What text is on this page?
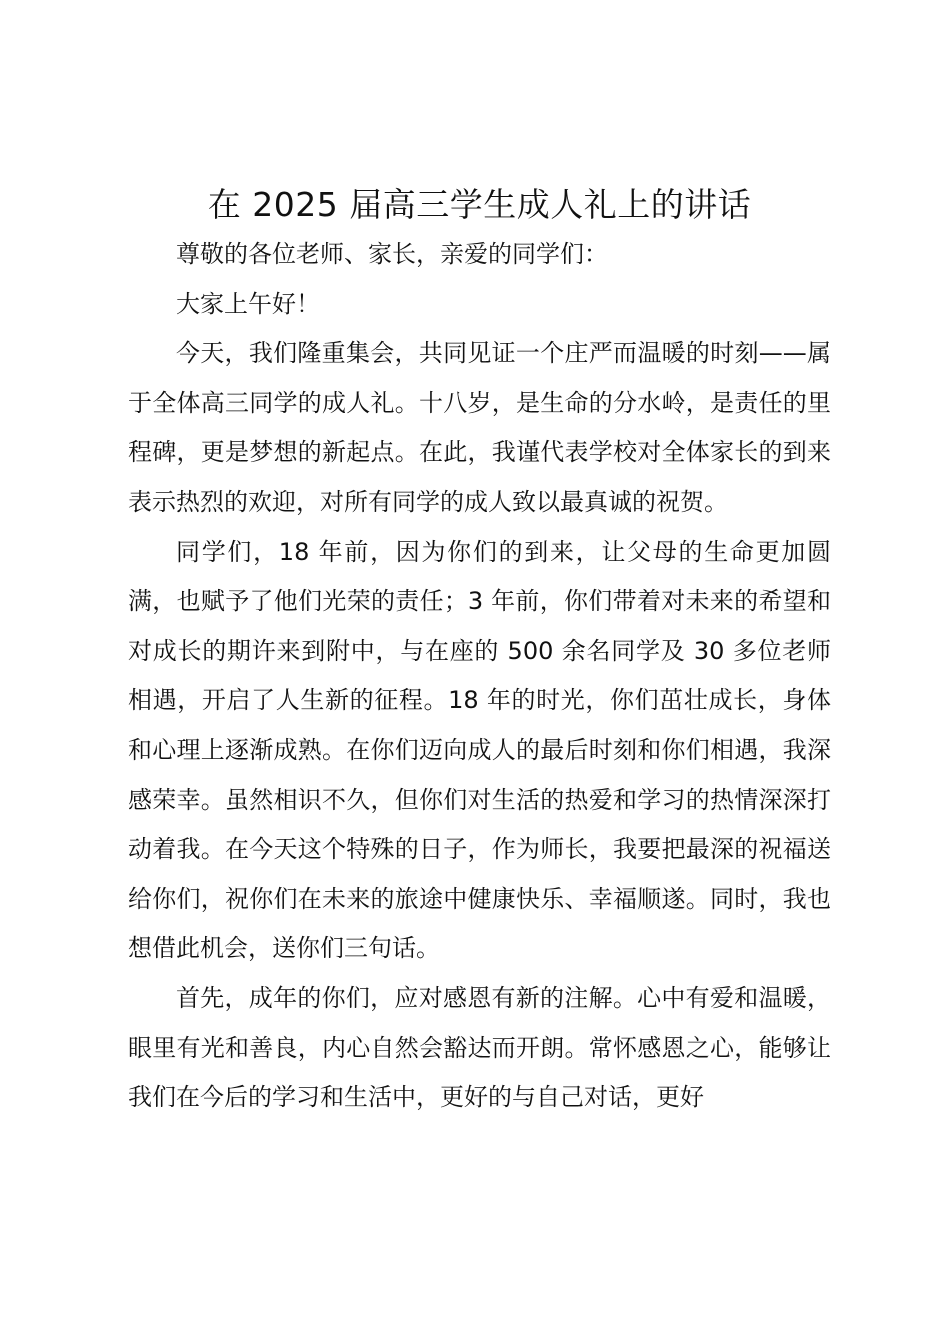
在 2025 届高三学生成人礼上的讲话

尊敬的各位老师、家长，亲爱的同学们：

大家上午好！

今天，我们隆重集会，共同见证一个庄严而温暖的时刻——属于全体高三同学的成人礼。十八岁，是生命的分水岭，是责任的里程碑，更是梦想的新起点。在此，我谨代表学校对全体家长的到来表示热烈的欢迎，对所有同学的成人致以最真诚的祝贺。

同学们，18 年前，因为你们的到来，让父母的生命更加圆满，也赋予了他们光荣的责任；3 年前，你们带着对未来的希望和对成长的期许来到附中，与在座的 500 余名同学及 30 多位老师相遇，开启了人生新的征程。18 年的时光，你们茁壮成长，身体和心理上逐渐成熟。在你们迈向成人的最后时刻和你们相遇，我深感荣幸。虽然相识不久，但你们对生活的热爱和学习的热情深深打动着我。在今天这个特殊的日子，作为师长，我要把最深的祝福送给你们，祝你们在未来的旅途中健康快乐、幸福顺遂。同时，我也想借此机会，送你们三句话。

首先，成年的你们，应对感恩有新的注解。心中有爱和温暖，眼里有光和善良，内心自然会豁达而开朗。常怀感恩之心，能够让我们在今后的学习和生活中，更好的与自己对话，更好
